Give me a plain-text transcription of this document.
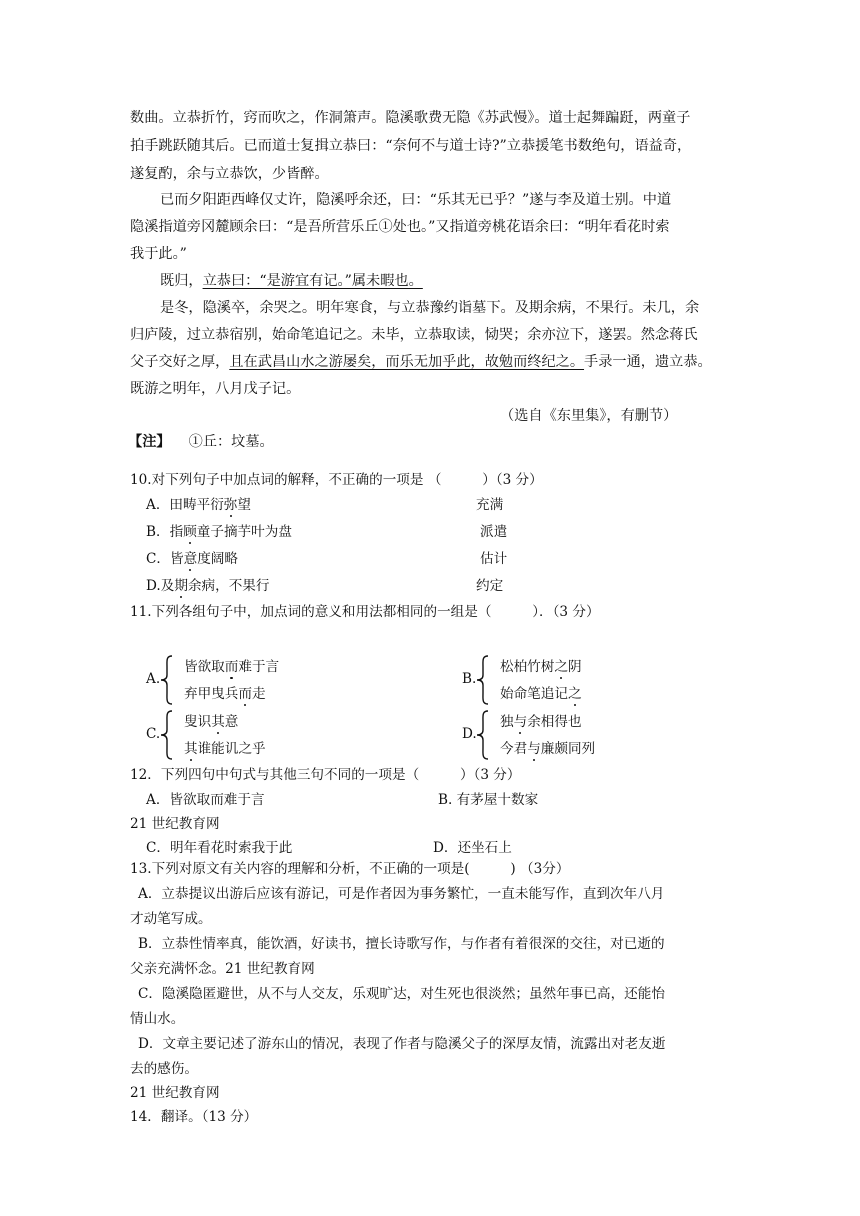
数曲。立恭折竹，窍而吹之，作洞箫声。隐溪歌费无隐《苏武慢》。道士起舞蹁跹，两童子
拍手跳跃随其后。已而道士复揖立恭曰：“奈何不与道士诗?”立恭援笔书数绝句，语益奇，
遂复酌，余与立恭饮，少皆醉。
已而夕阳距西峰仅丈许，隐溪呼余还，曰：“乐其无已乎？”遂与李及道士别。中道
隐溪指道旁冈麓顾余曰：“是吾所营乐丘①处也。”又指道旁桃花语余曰：“明年看花时索
我于此。”
既归，立恭曰：“是游宜有记。”属未暇也。
是冬，隐溪卒，余哭之。明年寒食，与立恭豫约诣墓下。及期余病，不果行。未几，余
归庐陵，过立恭宿别，始命笔追记之。未毕，立恭取读，恸哭；余亦泣下，遂罢。然念蒋氏
父子交好之厚，且在武昌山水之游屡矣，而乐无加乎此，故勉而终纪之。手录一通，遗立恭。
既游之明年，八月戊子记。
（选自《东里集》，有删节）
【注】 ①丘：坟墓。
10.对下列句子中加点词的解释，不正确的一项是 （　　　）（3 分）
A．田畴平衍弥望	充满
B．指顾童子摘芋叶为盘	派遣
C．皆意度阔略	估计
D.及期余病，不果行	约定
11.下列各组句子中，加点词的意义和用法都相同的一组是（　　　）．（3 分）
A.
皆欲取而难于言
弃甲曳兵而走
B.
松柏竹树之阴
始命笔追记之
C.
叟识其意
其谁能讥之乎
D.
独与余相得也
今君与廉颇同列
12．下列四句中句式与其他三句不同的一项是（　　　）（3 分）
A．皆欲取而难于言	B. 有茅屋十数家
21 世纪教育网
C．明年看花时索我于此	D．还坐石上
13.下列对原文有关内容的理解和分析，不正确的一项是(　　　) （3分）
A．立恭提议出游后应该有游记，可是作者因为事务繁忙，一直未能写作，直到次年八月
才动笔写成。
B．立恭性情率真，能饮酒，好读书，擅长诗歌写作，与作者有着很深的交往，对已逝的
父亲充满怀念。21 世纪教育网
C．隐溪隐匿避世，从不与人交友，乐观旷达，对生死也很淡然；虽然年事已高，还能怡
情山水。
D．文章主要记述了游东山的情况，表现了作者与隐溪父子的深厚友情，流露出对老友逝
去的感伤。
21 世纪教育网
14．翻译。（13 分）
